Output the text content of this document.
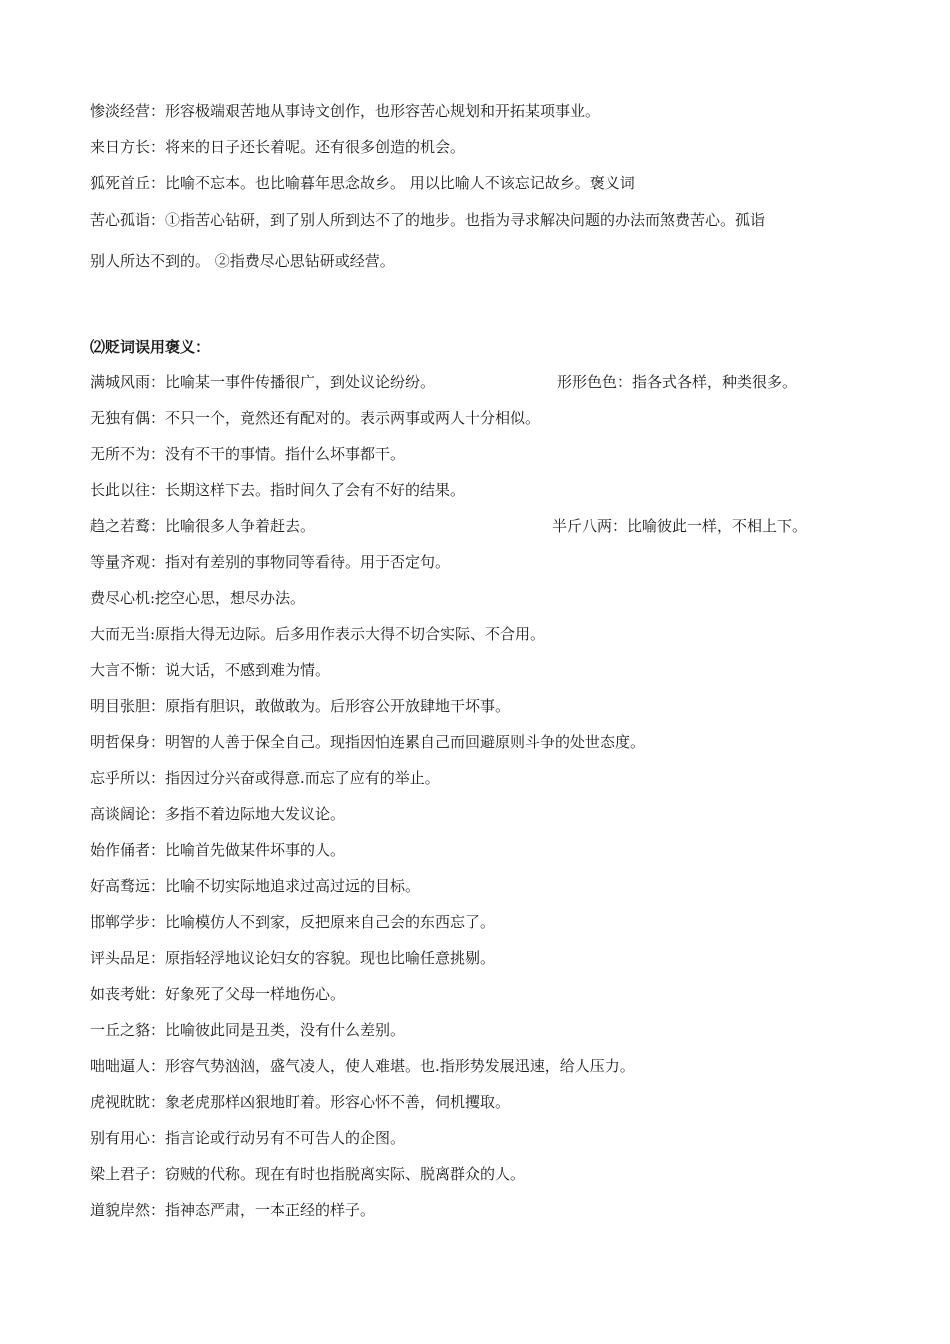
惨淡经营：形容极端艰苦地从事诗文创作，也形容苦心规划和开拓某项事业。
来日方长：将来的日子还长着呢。还有很多创造的机会。
狐死首丘：比喻不忘本。也比喻暮年思念故乡。 用以比喻人不该忘记故乡。褒义词
苦心孤诣：①指苦心钻研，到了别人所到达不了的地步。也指为寻求解决问题的办法而煞费苦心。孤诣
别人所达不到的。 ②指费尽心思钻研或经营。
⑵贬词误用褒义：
满城风雨：比喻某一事件传播很广，到处议论纷纷。	形形色色：指各式各样，种类很多。
无独有偶：不只一个，竟然还有配对的。表示两事或两人十分相似。
无所不为：没有不干的事情。指什么坏事都干。
长此以往：长期这样下去。指时间久了会有不好的结果。
趋之若鹜：比喻很多人争着赶去。	半斤八两：比喻彼此一样，不相上下。
等量齐观：指对有差别的事物同等看待。用于否定句。
费尽心机:挖空心思，想尽办法。
大而无当:原指大得无边际。后多用作表示大得不切合实际、不合用。
大言不惭：说大话，不感到难为情。
明目张胆：原指有胆识，敢做敢为。后形容公开放肆地干坏事。
明哲保身：明智的人善于保全自己。现指因怕连累自己而回避原则斗争的处世态度。
忘乎所以：指因过分兴奋或得意.而忘了应有的举止。
高谈阔论：多指不着边际地大发议论。
始作俑者：比喻首先做某件坏事的人。
好高骛远：比喻不切实际地追求过高过远的目标。
邯郸学步：比喻模仿人不到家，反把原来自己会的东西忘了。
评头品足：原指轻浮地议论妇女的容貌。现也比喻任意挑剔。
如丧考妣：好象死了父母一样地伤心。
一丘之貉：比喻彼此同是丑类，没有什么差别。
咄咄逼人：形容气势汹汹，盛气凌人，使人难堪。也.指形势发展迅速，给人压力。
虎视眈眈：象老虎那样凶狠地盯着。形容心怀不善，伺机攫取。
别有用心：指言论或行动另有不可告人的企图。
梁上君子：窃贼的代称。现在有时也指脱离实际、脱离群众的人。
道貌岸然：指神态严肃，一本正经的样子。
